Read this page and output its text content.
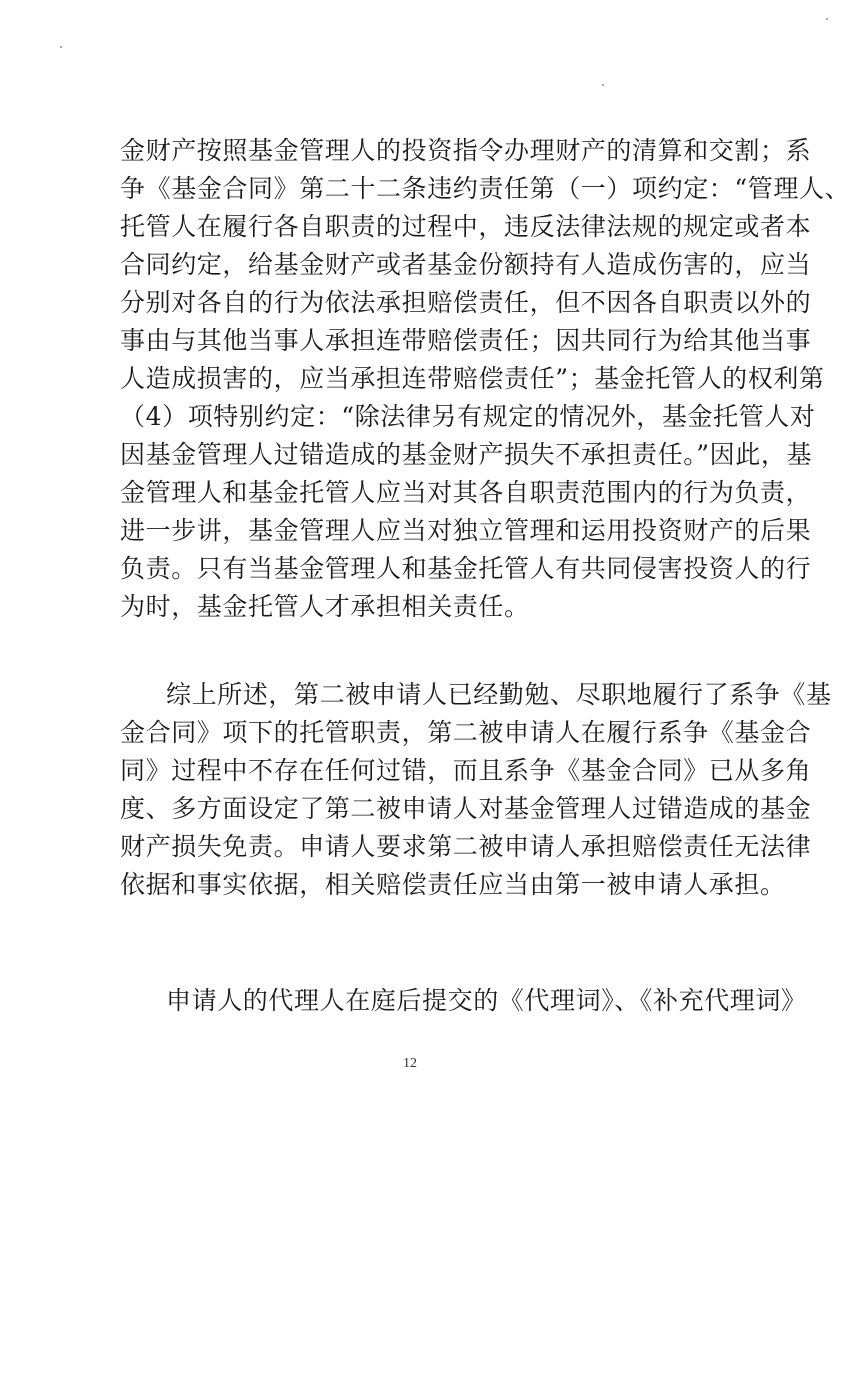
金财产按照基金管理人的投资指令办理财产的清算和交割；系
争《基金合同》第二十二条违约责任第（一）项约定：“管理人、
托管人在履行各自职责的过程中，违反法律法规的规定或者本
合同约定，给基金财产或者基金份额持有人造成伤害的，应当
分别对各自的行为依法承担赔偿责任，但不因各自职责以外的
事由与其他当事人承担连带赔偿责任；因共同行为给其他当事
人造成损害的，应当承担连带赔偿责任”；基金托管人的权利第
（4）项特别约定：“除法律另有规定的情况外，基金托管人对
因基金管理人过错造成的基金财产损失不承担责任。”因此，基
金管理人和基金托管人应当对其各自职责范围内的行为负责，
进一步讲，基金管理人应当对独立管理和运用投资财产的后果
负责。只有当基金管理人和基金托管人有共同侵害投资人的行
为时，基金托管人才承担相关责任。
综上所述，第二被申请人已经勤勉、尽职地履行了系争《基
金合同》项下的托管职责，第二被申请人在履行系争《基金合
同》过程中不存在任何过错，而且系争《基金合同》已从多角
度、多方面设定了第二被申请人对基金管理人过错造成的基金
财产损失免责。申请人要求第二被申请人承担赔偿责任无法律
依据和事实依据，相关赔偿责任应当由第一被申请人承担。
申请人的代理人在庭后提交的《代理词》、《补充代理词》
12
